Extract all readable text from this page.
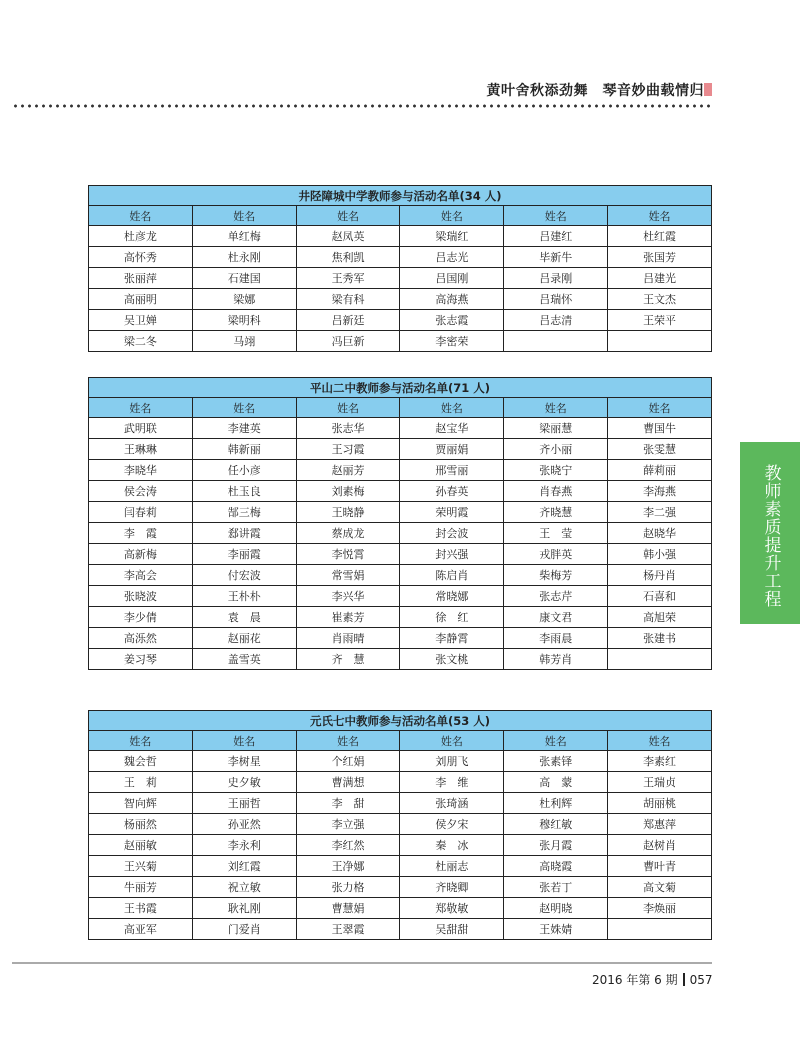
黄叶舍秋添劲舞　琴音妙曲载情归
教师素质提升工程
井陉障城中学教师参与活动名单(34 人)					
姓名	姓名	姓名	姓名	姓名	姓名
杜彦龙	单红梅	赵凤英	梁瑞红	吕建红	杜红霞
高怀秀	杜永刚	焦利凯	吕志光	毕新牛	张国芳
张丽萍	石建国	王秀军	吕国刚	吕录刚	吕建光
高丽明	梁娜	梁有科	高海燕	吕瑞怀	王文杰
吴卫婵	梁明科	吕新廷	张志霞	吕志清	王荣平
梁二冬	马翊	冯巨新	李密荣		
平山二中教师参与活动名单(71 人)					
姓名	姓名	姓名	姓名	姓名	姓名
武明联	李建英	张志华	赵宝华	梁丽慧	曹国牛
王琳琳	韩新丽	王习霞	贾丽娟	齐小丽	张雯慧
李晓华	任小彦	赵丽芳	邢雪丽	张晓宁	薛莉丽
侯会涛	杜玉良	刘素梅	孙春英	肖春燕	李海燕
闫春莉	郜三梅	王晓静	荣明霞	齐晓慧	李二强
李　霞	郄讲霞	蔡成龙	封会波	王　莹	赵晓华
高新梅	李丽霞	李悦霄	封兴强	戎胖英	韩小强
李高会	付宏波	常雪娟	陈启肖	柴梅芳	杨丹肖
张晓波	王朴朴	李兴华	常晓娜	张志芹	石喜和
李少倩	袁　晨	崔素芳	徐　红	康文君	高旭荣
高泺然	赵丽花	肖雨晴	李静霄	李雨晨	张建书
姜习琴	盖雪英	齐　慧	张文桃	韩芳肖	
元氏七中教师参与活动名单(53 人)					
姓名	姓名	姓名	姓名	姓名	姓名
魏会哲	李树星	个红娟	刘朋飞	张素铎	李素红
王　莉	史夕敏	曹满想	李　维	高　蒙	王瑞贞
智向辉	王丽哲	李　甜	张琦涵	杜利辉	胡丽桃
杨丽然	孙亚然	李立强	侯夕宋	穆红敏	郑惠萍
赵丽敏	李永利	李红然	秦　冰	张月霞	赵树肖
王兴菊	刘红霞	王净娜	杜丽志	高晓霞	曹叶青
牛丽芳	祝立敏	张力格	齐晓卿	张若丁	高文菊
王书霞	耿礼刚	曹慧娟	郑敬敏	赵明晓	李焕丽
高亚军	门爱肖	王翠霞	吴甜甜	王姝婧	
2016 年第 6 期 057
